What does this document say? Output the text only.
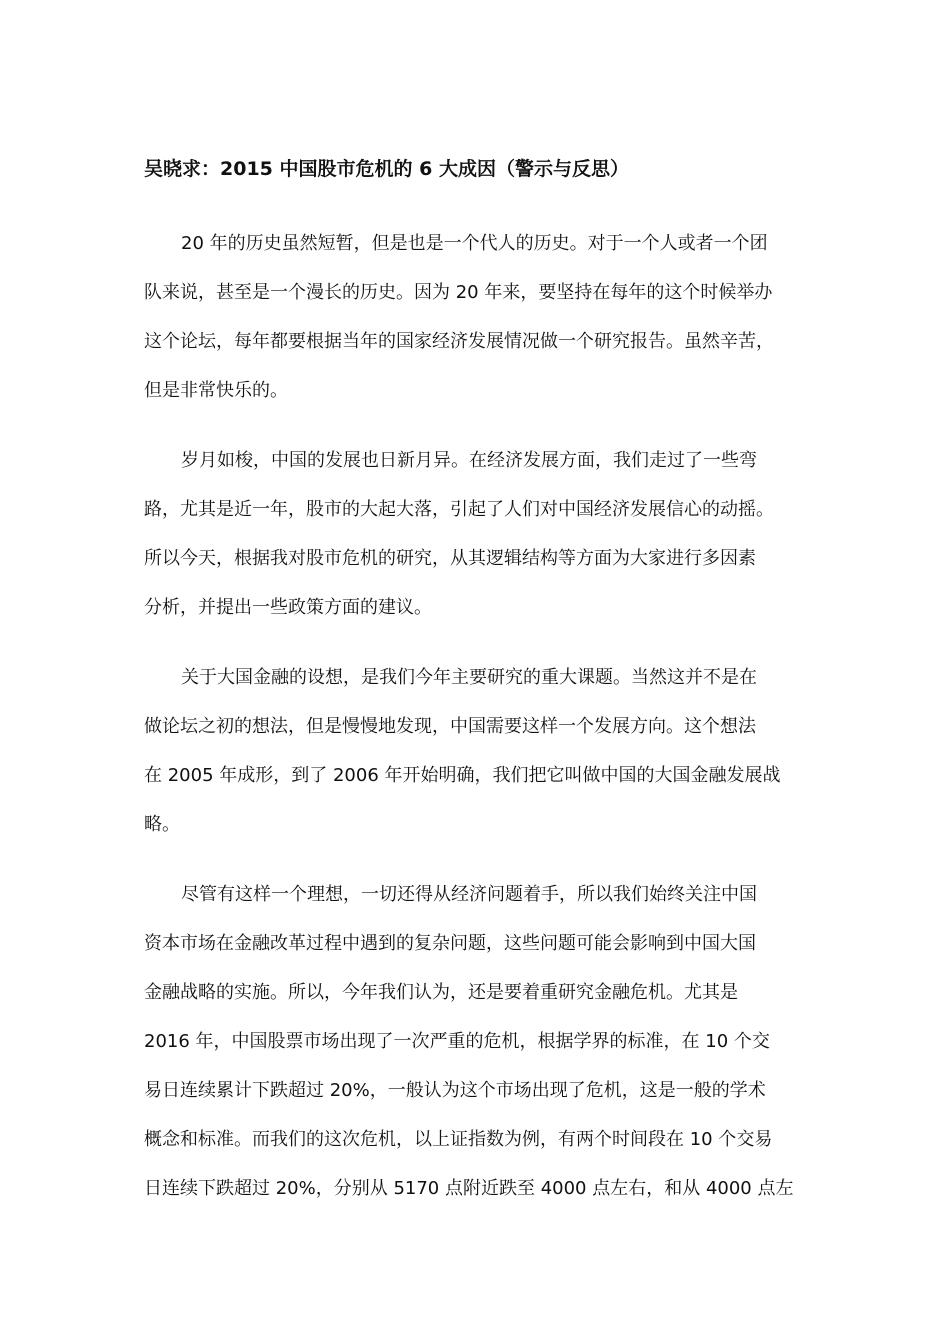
吴晓求：2015 中国股市危机的 6 大成因（警示与反思）

20 年的历史虽然短暂，但是也是一个代人的历史。对于一个人或者一个团
队来说，甚至是一个漫长的历史。因为 20 年来，要坚持在每年的这个时候举办
这个论坛，每年都要根据当年的国家经济发展情况做一个研究报告。虽然辛苦，
但是非常快乐的。

岁月如梭，中国的发展也日新月异。在经济发展方面，我们走过了一些弯
路，尤其是近一年，股市的大起大落，引起了人们对中国经济发展信心的动摇。
所以今天，根据我对股市危机的研究，从其逻辑结构等方面为大家进行多因素
分析，并提出一些政策方面的建议。

关于大国金融的设想，是我们今年主要研究的重大课题。当然这并不是在
做论坛之初的想法，但是慢慢地发现，中国需要这样一个发展方向。这个想法
在 2005 年成形，到了 2006 年开始明确，我们把它叫做中国的大国金融发展战
略。

尽管有这样一个理想，一切还得从经济问题着手，所以我们始终关注中国
资本市场在金融改革过程中遇到的复杂问题，这些问题可能会影响到中国大国
金融战略的实施。所以，今年我们认为，还是要着重研究金融危机。尤其是
2016 年，中国股票市场出现了一次严重的危机，根据学界的标准，在 10 个交
易日连续累计下跌超过 20%，一般认为这个市场出现了危机，这是一般的学术
概念和标准。而我们的这次危机，以上证指数为例，有两个时间段在 10 个交易
日连续下跌超过 20%，分别从 5170 点附近跌至 4000 点左右，和从 4000 点左
